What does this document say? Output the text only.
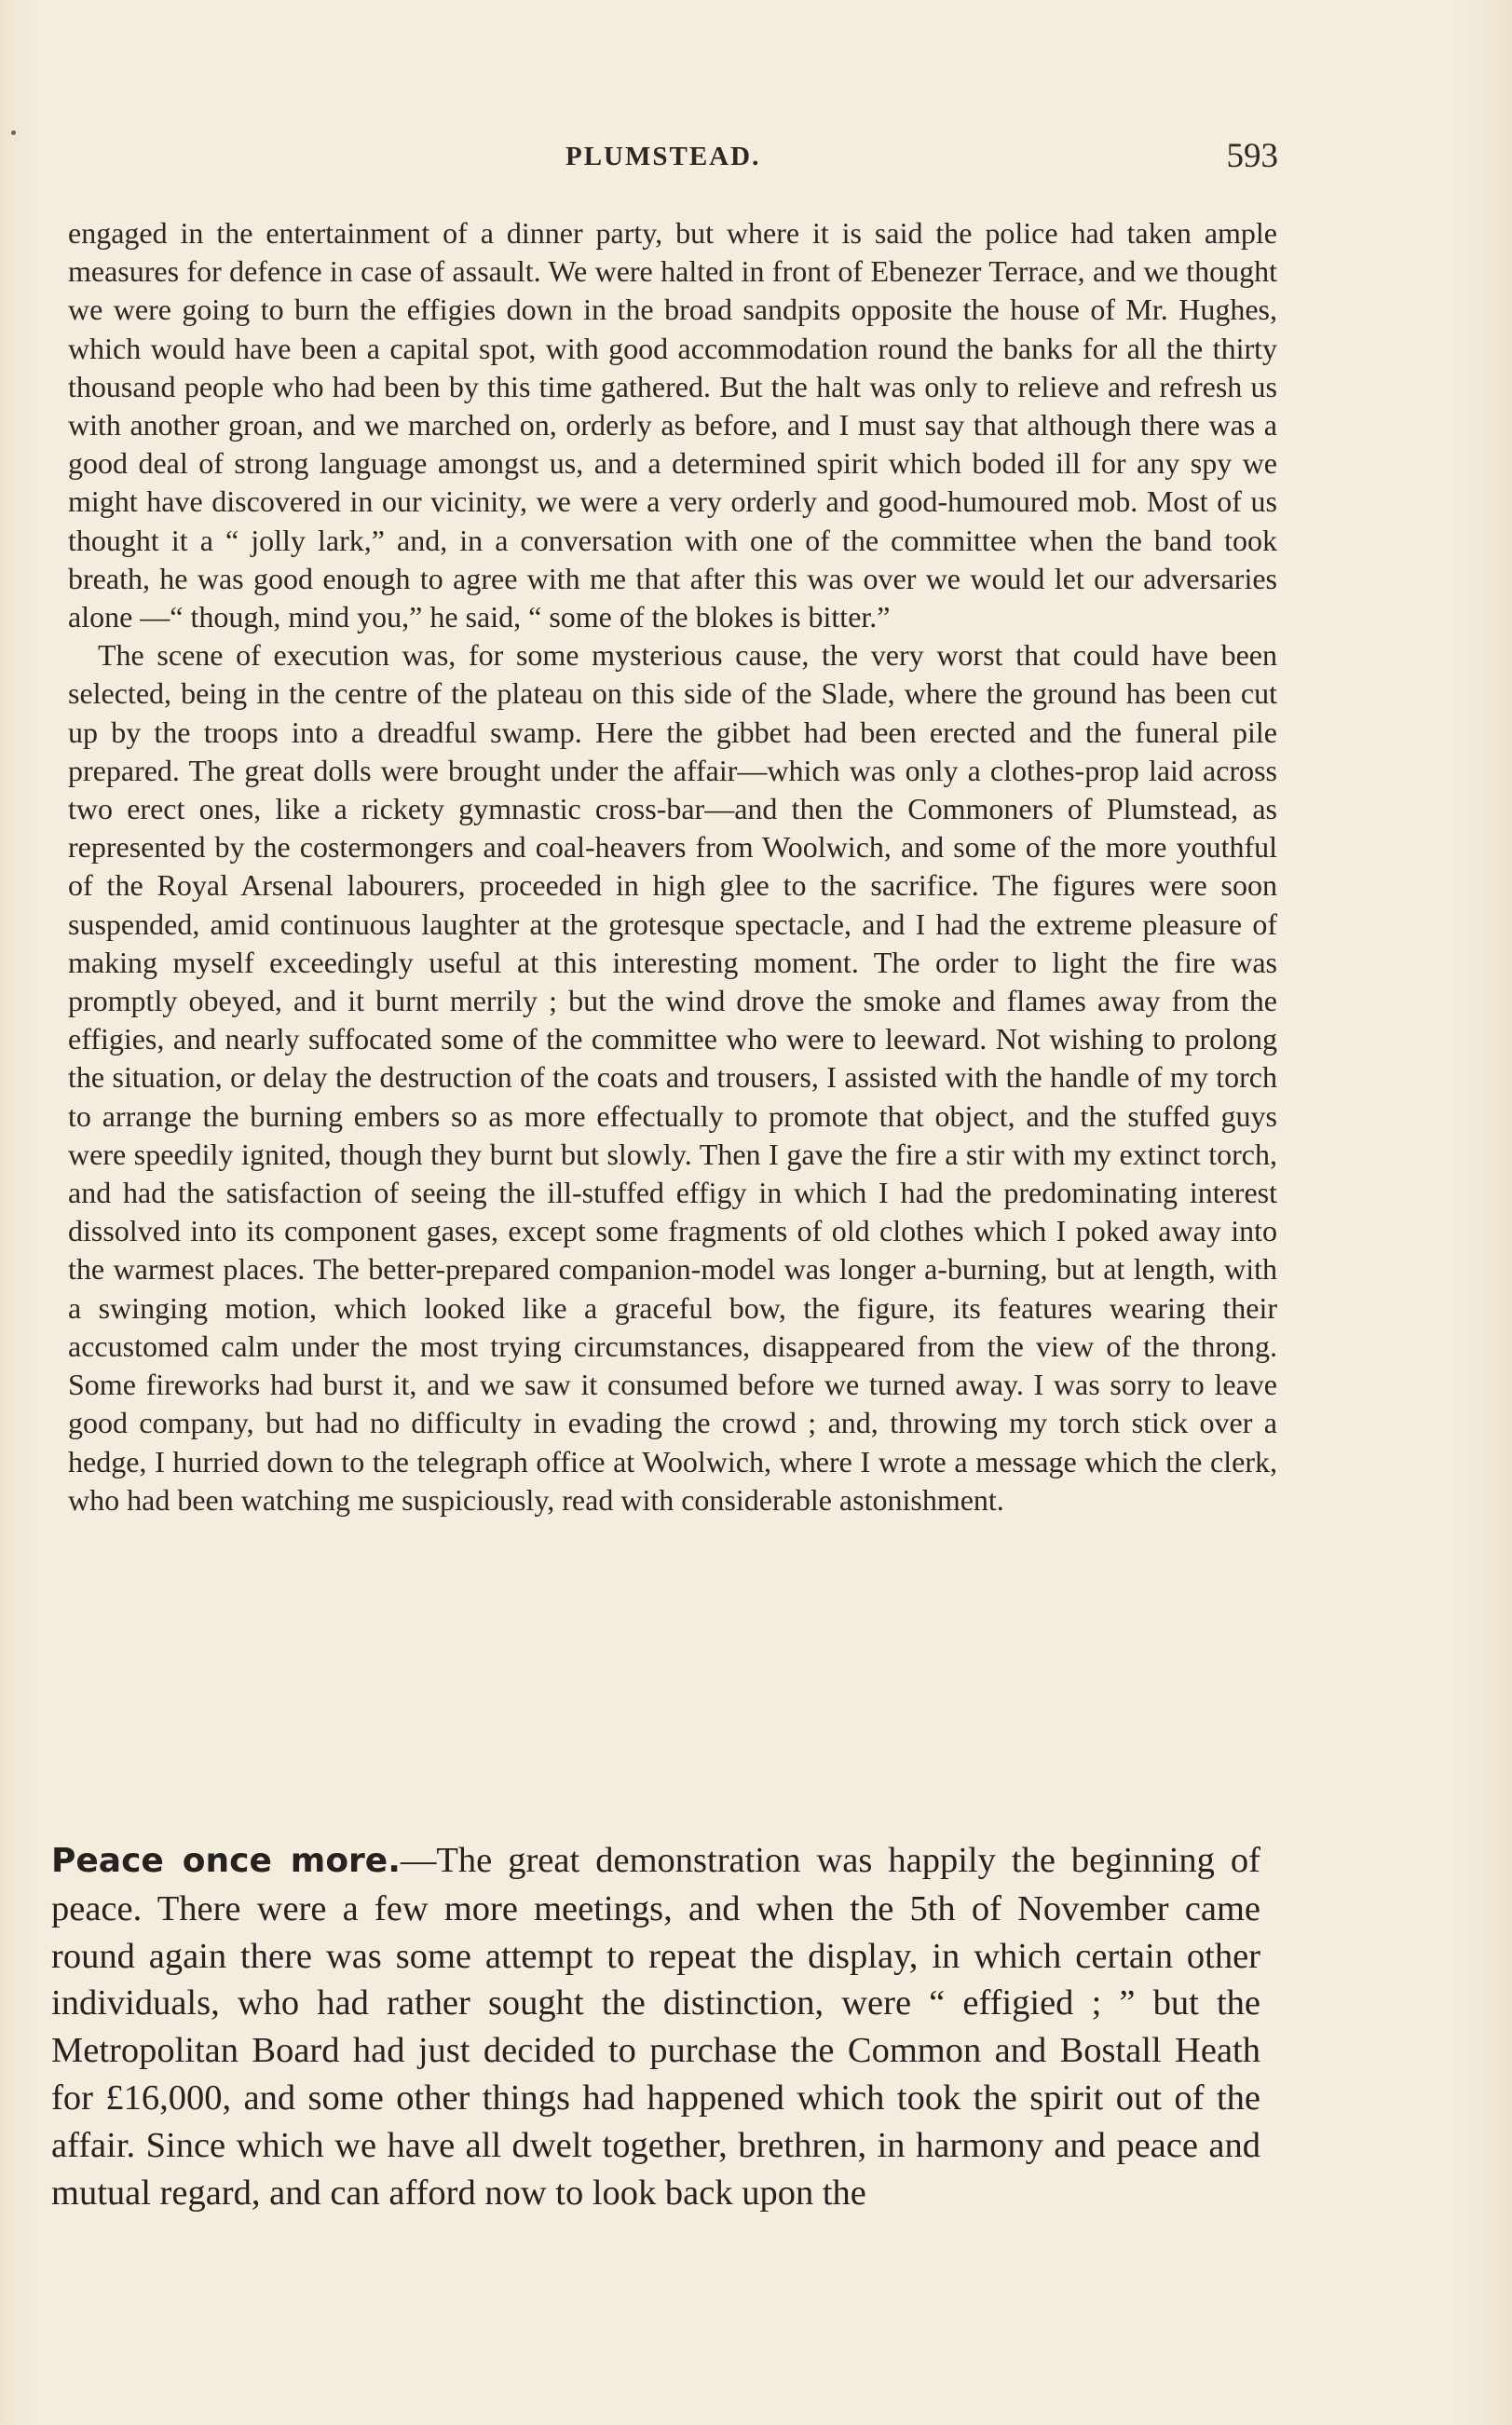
PLUMSTEAD.	593

engaged in the entertainment of a dinner party, but where it is said the police had taken ample measures for defence in case of assault. We were halted in front of Ebenezer Terrace, and we thought we were going to burn the effigies down in the broad sandpits opposite the house of Mr. Hughes, which would have been a capital spot, with good accommodation round the banks for all the thirty thousand people who had been by this time gathered. But the halt was only to relieve and refresh us with another groan, and we marched on, orderly as before, and I must say that although there was a good deal of strong language amongst us, and a determined spirit which boded ill for any spy we might have discovered in our vicinity, we were a very orderly and good-humoured mob. Most of us thought it a “ jolly lark,” and, in a conversation with one of the committee when the band took breath, he was good enough to agree with me that after this was over we would let our adversaries alone —“ though, mind you,” he said, “ some of the blokes is bitter.”

The scene of execution was, for some mysterious cause, the very worst that could have been selected, being in the centre of the plateau on this side of the Slade, where the ground has been cut up by the troops into a dreadful swamp. Here the gibbet had been erected and the funeral pile prepared. The great dolls were brought under the affair—which was only a clothes-prop laid across two erect ones, like a rickety gymnastic cross-bar—and then the Commoners of Plumstead, as represented by the costermongers and coal-heavers from Woolwich, and some of the more youthful of the Royal Arsenal labourers, proceeded in high glee to the sacrifice. The figures were soon suspended, amid continuous laughter at the grotesque spectacle, and I had the extreme pleasure of making myself exceedingly useful at this interesting moment. The order to light the fire was promptly obeyed, and it burnt merrily ; but the wind drove the smoke and flames away from the effigies, and nearly suffocated some of the committee who were to leeward. Not wishing to prolong the situation, or delay the destruction of the coats and trousers, I assisted with the handle of my torch to arrange the burning embers so as more effectually to promote that object, and the stuffed guys were speedily ignited, though they burnt but slowly. Then I gave the fire a stir with my extinct torch, and had the satisfaction of seeing the ill-stuffed effigy in which I had the predominating interest dissolved into its component gases, except some fragments of old clothes which I poked away into the warmest places. The better-prepared companion-model was longer a-burning, but at length, with a swinging motion, which looked like a graceful bow, the figure, its features wearing their accustomed calm under the most trying circumstances, disappeared from the view of the throng. Some fireworks had burst it, and we saw it consumed before we turned away. I was sorry to leave good company, but had no difficulty in evading the crowd ; and, throwing my torch stick over a hedge, I hurried down to the telegraph office at Woolwich, where I wrote a message which the clerk, who had been watching me suspiciously, read with considerable astonishment.

Peace once more.—The great demonstration was happily the beginning of peace. There were a few more meetings, and when the 5th of November came round again there was some attempt to repeat the display, in which certain other individuals, who had rather sought the distinction, were “ effigied ; ” but the Metropolitan Board had just decided to purchase the Common and Bostall Heath for £16,000, and some other things had happened which took the spirit out of the affair. Since which we have all dwelt together, brethren, in harmony and peace and mutual regard, and can afford now to look back upon the
